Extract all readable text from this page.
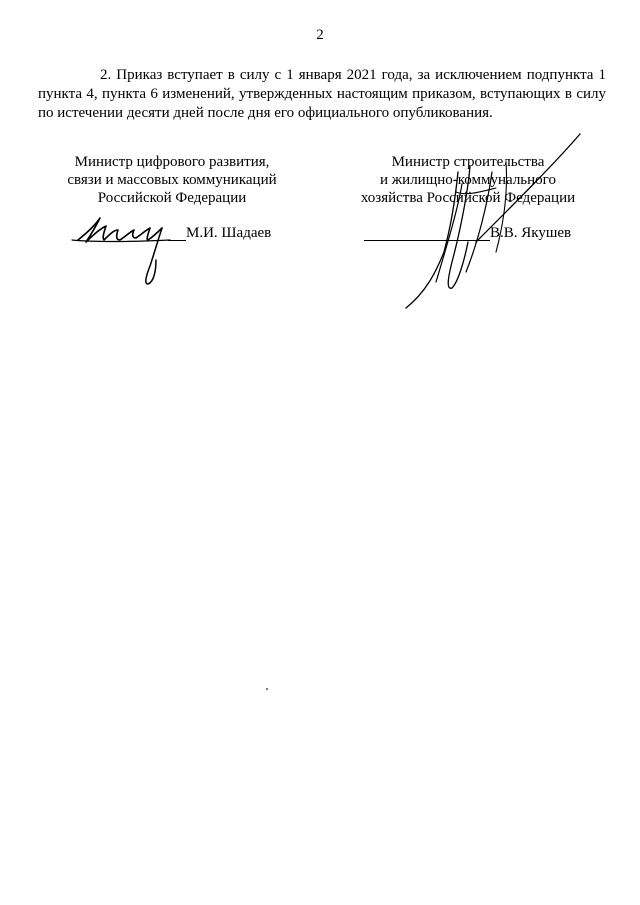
2
2. Приказ вступает в силу с 1 января 2021 года, за исключением подпункта 1 пункта 4, пункта 6 изменений, утвержденных настоящим приказом, вступающих в силу по истечении десяти дней после дня его официального опубликования.
Министр цифрового развития,
связи и массовых коммуникаций
Российской Федерации
Министр строительства
и жилищно-коммунального
хозяйства Российской Федерации
М.И. Шадаев	В.В. Якушев
